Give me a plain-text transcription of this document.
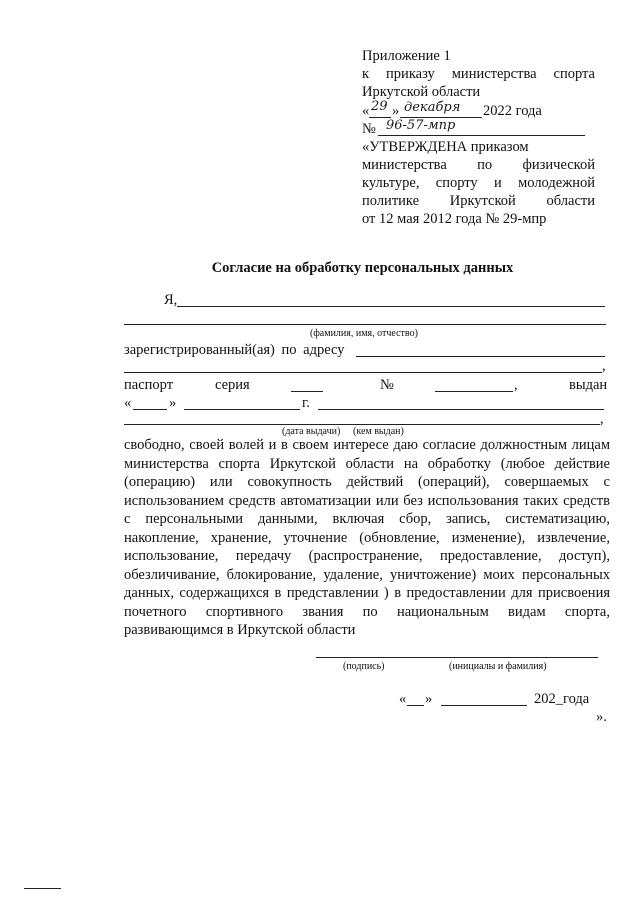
Приложение 1
к приказу министерства спорта
Иркутской области
« 29 » декабря 2022 года
№ 96-57-мпр
«УТВЕРЖДЕНА приказом
министерства по физической
культуре, спорту и молодежной
политике Иркутской области
от 12 мая 2012 года № 29-мпр
Согласие на обработку персональных данных
Я,
(фамилия, имя, отчество)
зарегистрированный(ая) по адресу
,
паспорт	серия	№	,	выдан
«	»	г.
,
(дата выдачи) (кем выдан)
свободно, своей волей и в своем интересе даю согласие должностным лицам
министерства спорта Иркутской области на обработку (любое действие
(операцию) или совокупность действий (операций), совершаемых с
использованием средств автоматизации или без использования таких средств
с персональными данными, включая сбор, запись, систематизацию,
накопление, хранение, уточнение (обновление, изменение), извлечение,
использование, передачу (распространение, предоставление, доступ),
обезличивание, блокирование, удаление, уничтожение) моих персональных
данных, содержащихся в представлении ) в предоставлении для присвоения
почетного спортивного звания по национальным видам спорта,
развивающимся в Иркутской области
(подпись)	(инициалы и фамилия)
« »	202_года
».
